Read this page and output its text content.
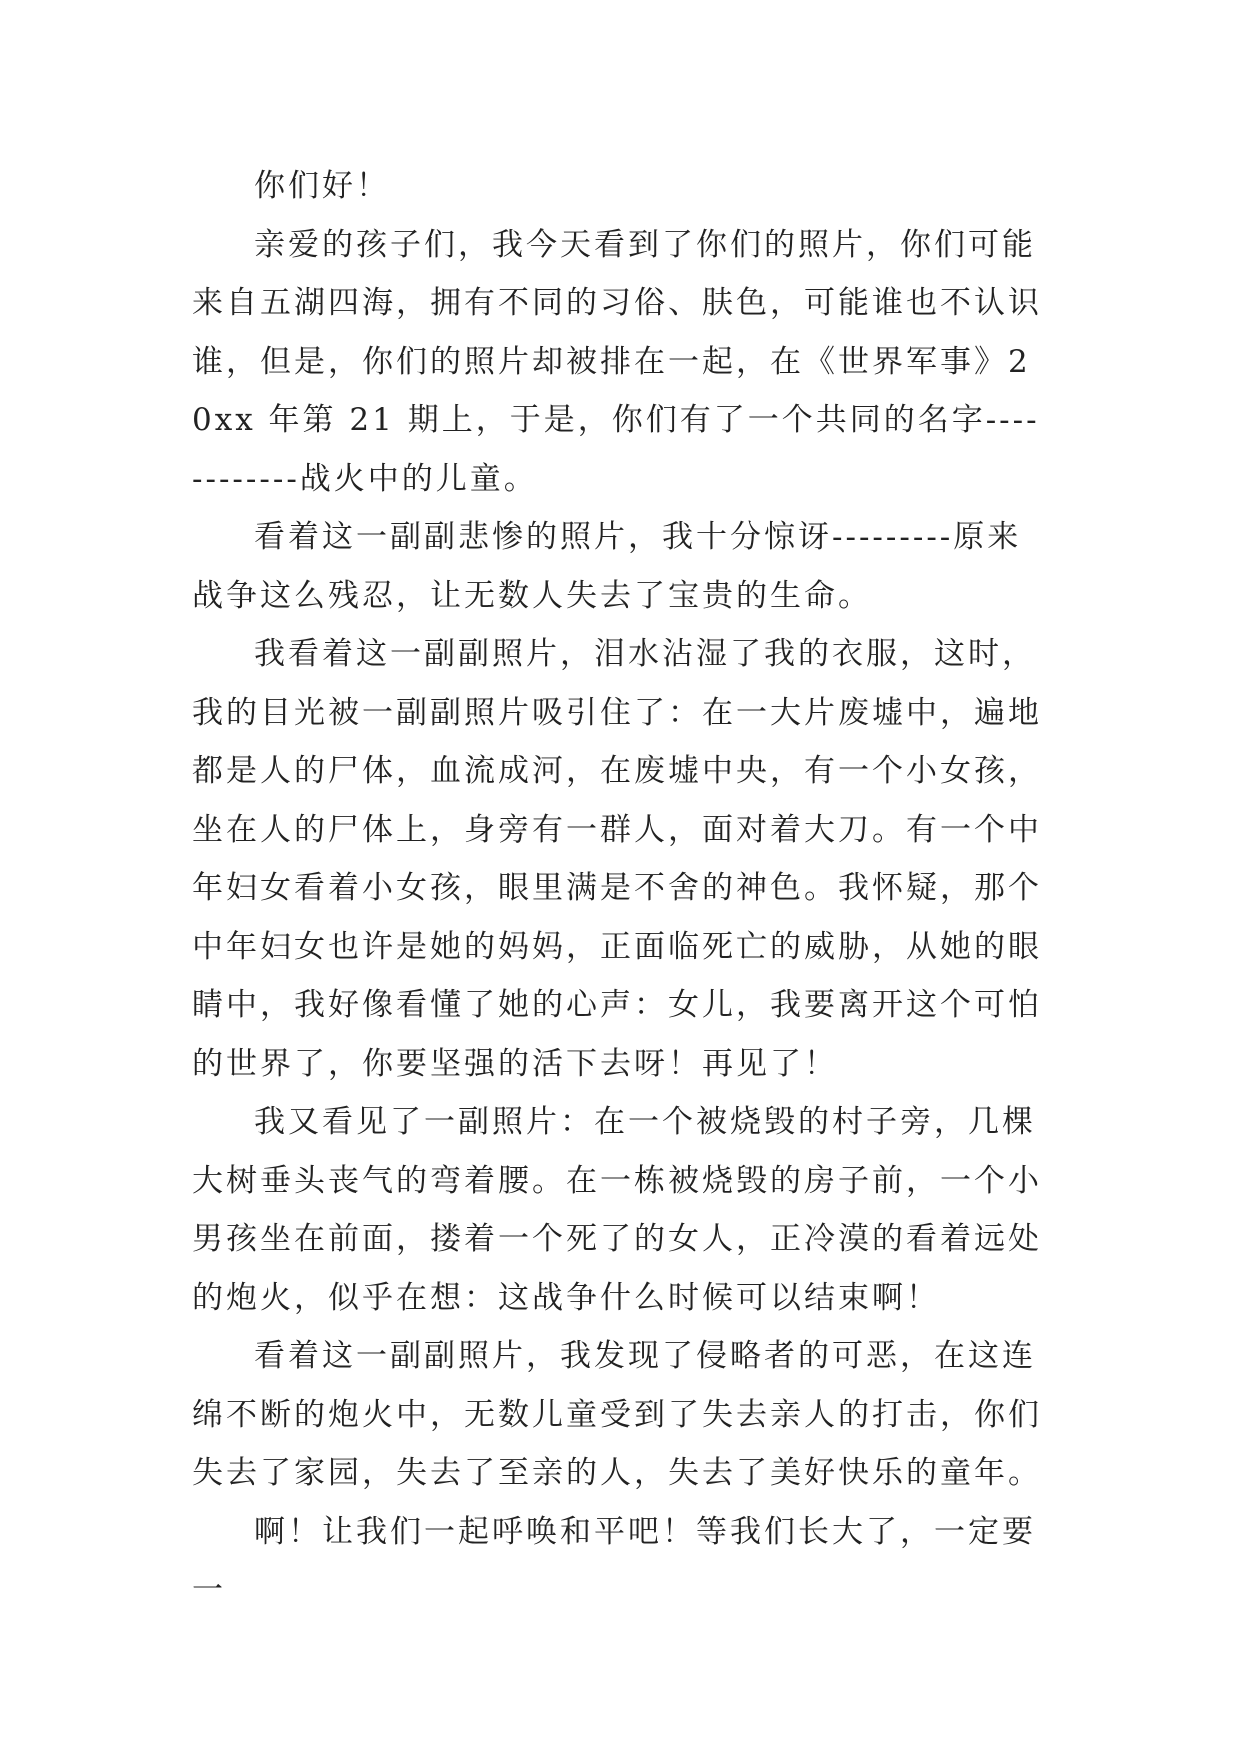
你们好！

亲爱的孩子们，我今天看到了你们的照片，你们可能来自五湖四海，拥有不同的习俗、肤色，可能谁也不认识谁，但是，你们的照片却被排在一起，在《世界军事》20xx 年第 21 期上，于是，你们有了一个共同的名字------------战火中的儿童。

看着这一副副悲惨的照片，我十分惊讶---------原来战争这么残忍，让无数人失去了宝贵的生命。

我看着这一副副照片，泪水沾湿了我的衣服，这时，我的目光被一副副照片吸引住了：在一大片废墟中，遍地都是人的尸体，血流成河，在废墟中央，有一个小女孩，坐在人的尸体上，身旁有一群人，面对着大刀。有一个中年妇女看着小女孩，眼里满是不舍的神色。我怀疑，那个中年妇女也许是她的妈妈，正面临死亡的威胁，从她的眼睛中，我好像看懂了她的心声：女儿，我要离开这个可怕的世界了，你要坚强的活下去呀！再见了！

我又看见了一副照片：在一个被烧毁的村子旁，几棵大树垂头丧气的弯着腰。在一栋被烧毁的房子前，一个小男孩坐在前面，搂着一个死了的女人，正冷漠的看着远处的炮火，似乎在想：这战争什么时候可以结束啊！

看着这一副副照片，我发现了侵略者的可恶，在这连绵不断的炮火中，无数儿童受到了失去亲人的打击，你们失去了家园，失去了至亲的人，失去了美好快乐的童年。

啊！让我们一起呼唤和平吧！等我们长大了，一定要一
